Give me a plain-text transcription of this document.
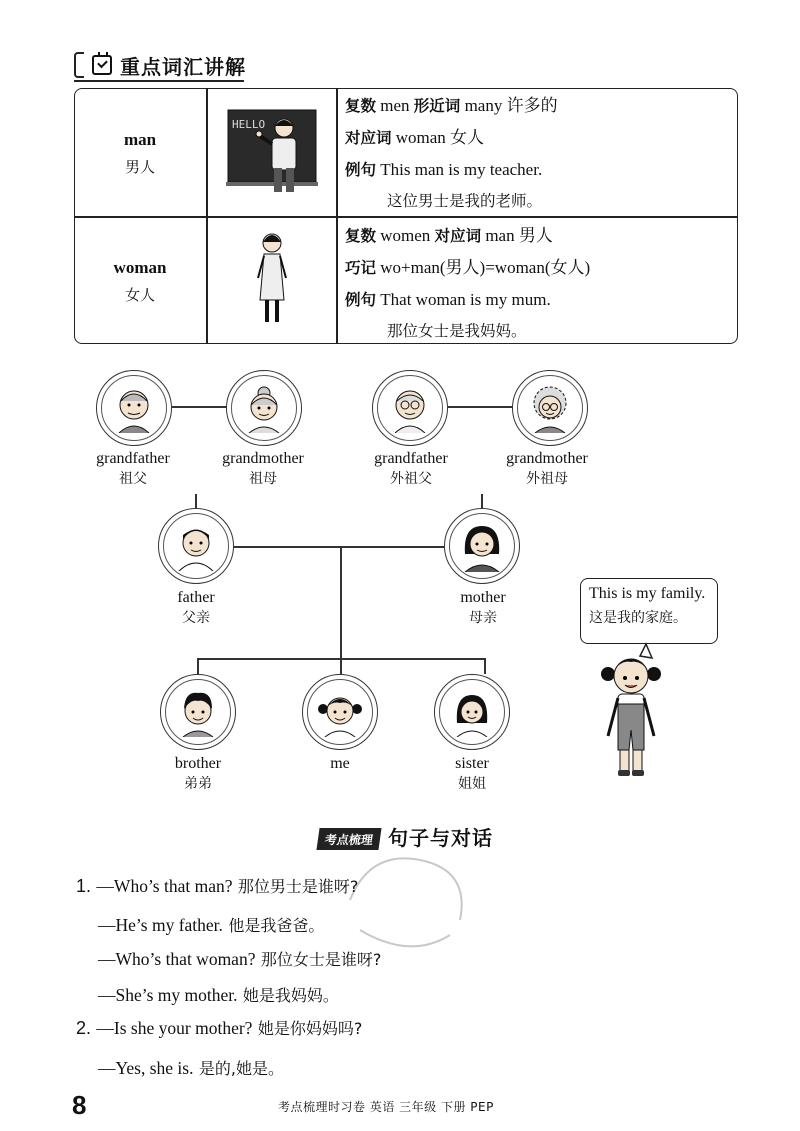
重点词汇讲解
man
男人
HELLO
复数 men 形近词 many 许多的
对应词 woman 女人
例句 This man is my teacher.
这位男士是我的老师。
woman
女人
复数 women 对应词 man 男人
巧记 wo+man(男人)=woman(女人)
例句 That woman is my mum.
那位女士是我妈妈。
grandfather
祖父
grandmother
祖母
grandfather
外祖父
grandmother
外祖母
father
父亲
mother
母亲
brother
弟弟
me	sister
姐姐
This is my family.
这是我的家庭。
考点梳理 句子与对话
1. —Who’s that man? 那位男士是谁呀?
—He’s my father. 他是我爸爸。
—Who’s that woman? 那位女士是谁呀?
—She’s my mother. 她是我妈妈。
2. —Is she your mother? 她是你妈妈吗?
—Yes, she is. 是的,她是。
8	考点梳理时习卷 英语 三年级 下册 PEP
